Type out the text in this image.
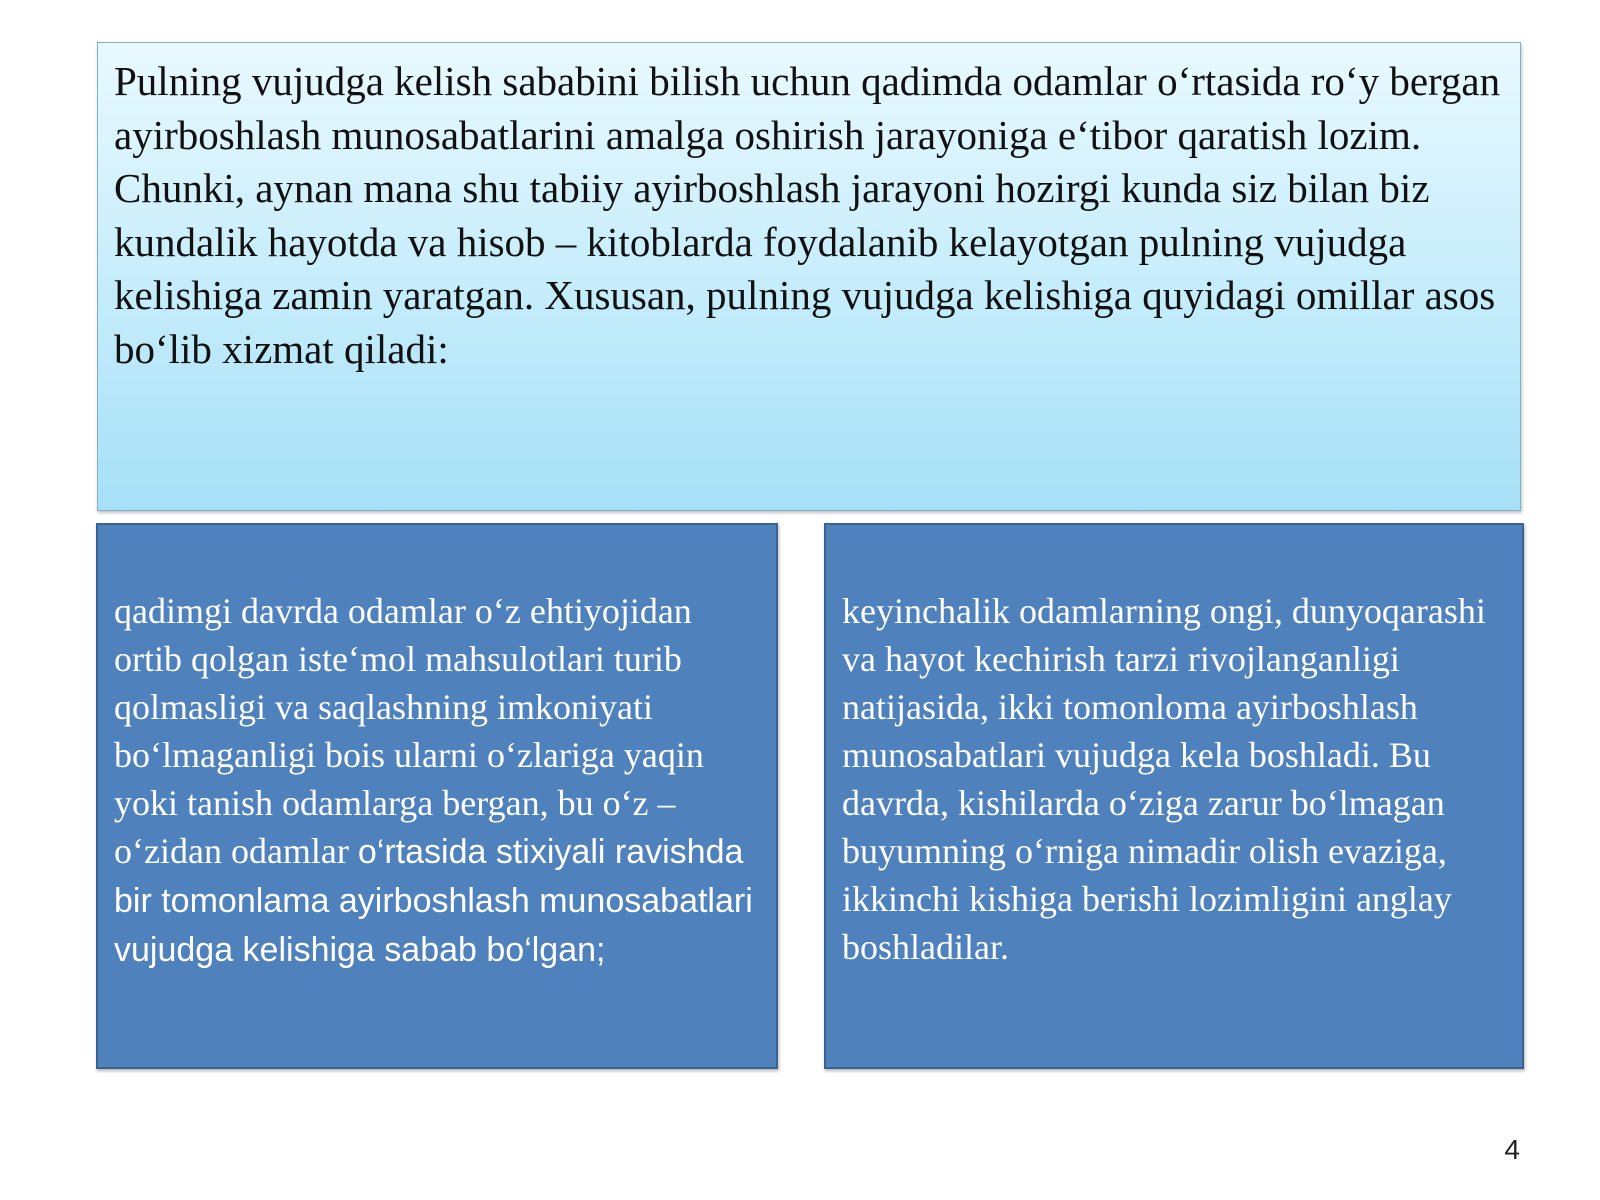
Pulning vujudga kelish sababini bilish uchun qadimda odamlar o‘rtasida ro‘y bergan ayirboshlash munosabatlarini amalga oshirish jarayoniga e‘tibor qaratish lozim. Chunki, aynan mana shu tabiiy ayirboshlash jarayoni hozirgi kunda siz bilan biz kundalik hayotda va hisob – kitoblarda foydalanib kelayotgan pulning vujudga kelishiga zamin yaratgan. Xususan, pulning vujudga kelishiga quyidagi omillar asos bo‘lib xizmat qiladi:

qadimgi davrda odamlar o‘z ehtiyojidan ortib qolgan iste‘mol mahsulotlari turib qolmasligi va saqlashning imkoniyati bo‘lmaganligi bois ularni o‘zlariga yaqin yoki tanish odamlarga bergan, bu o‘z – o‘zidan odamlar o‘rtasida stixiyali ravishda bir tomonlama ayirboshlash munosabatlari vujudga kelishiga sabab bo‘lgan;

keyinchalik odamlarning ongi, dunyoqarashi va hayot kechirish tarzi rivojlanganligi natijasida, ikki tomonloma ayirboshlash munosabatlari vujudga kela boshladi. Bu davrda, kishilarda o‘ziga zarur bo‘lmagan buyumning o‘rniga nimadir olish evaziga, ikkinchi kishiga berishi lozimligini anglay boshladilar.

4
